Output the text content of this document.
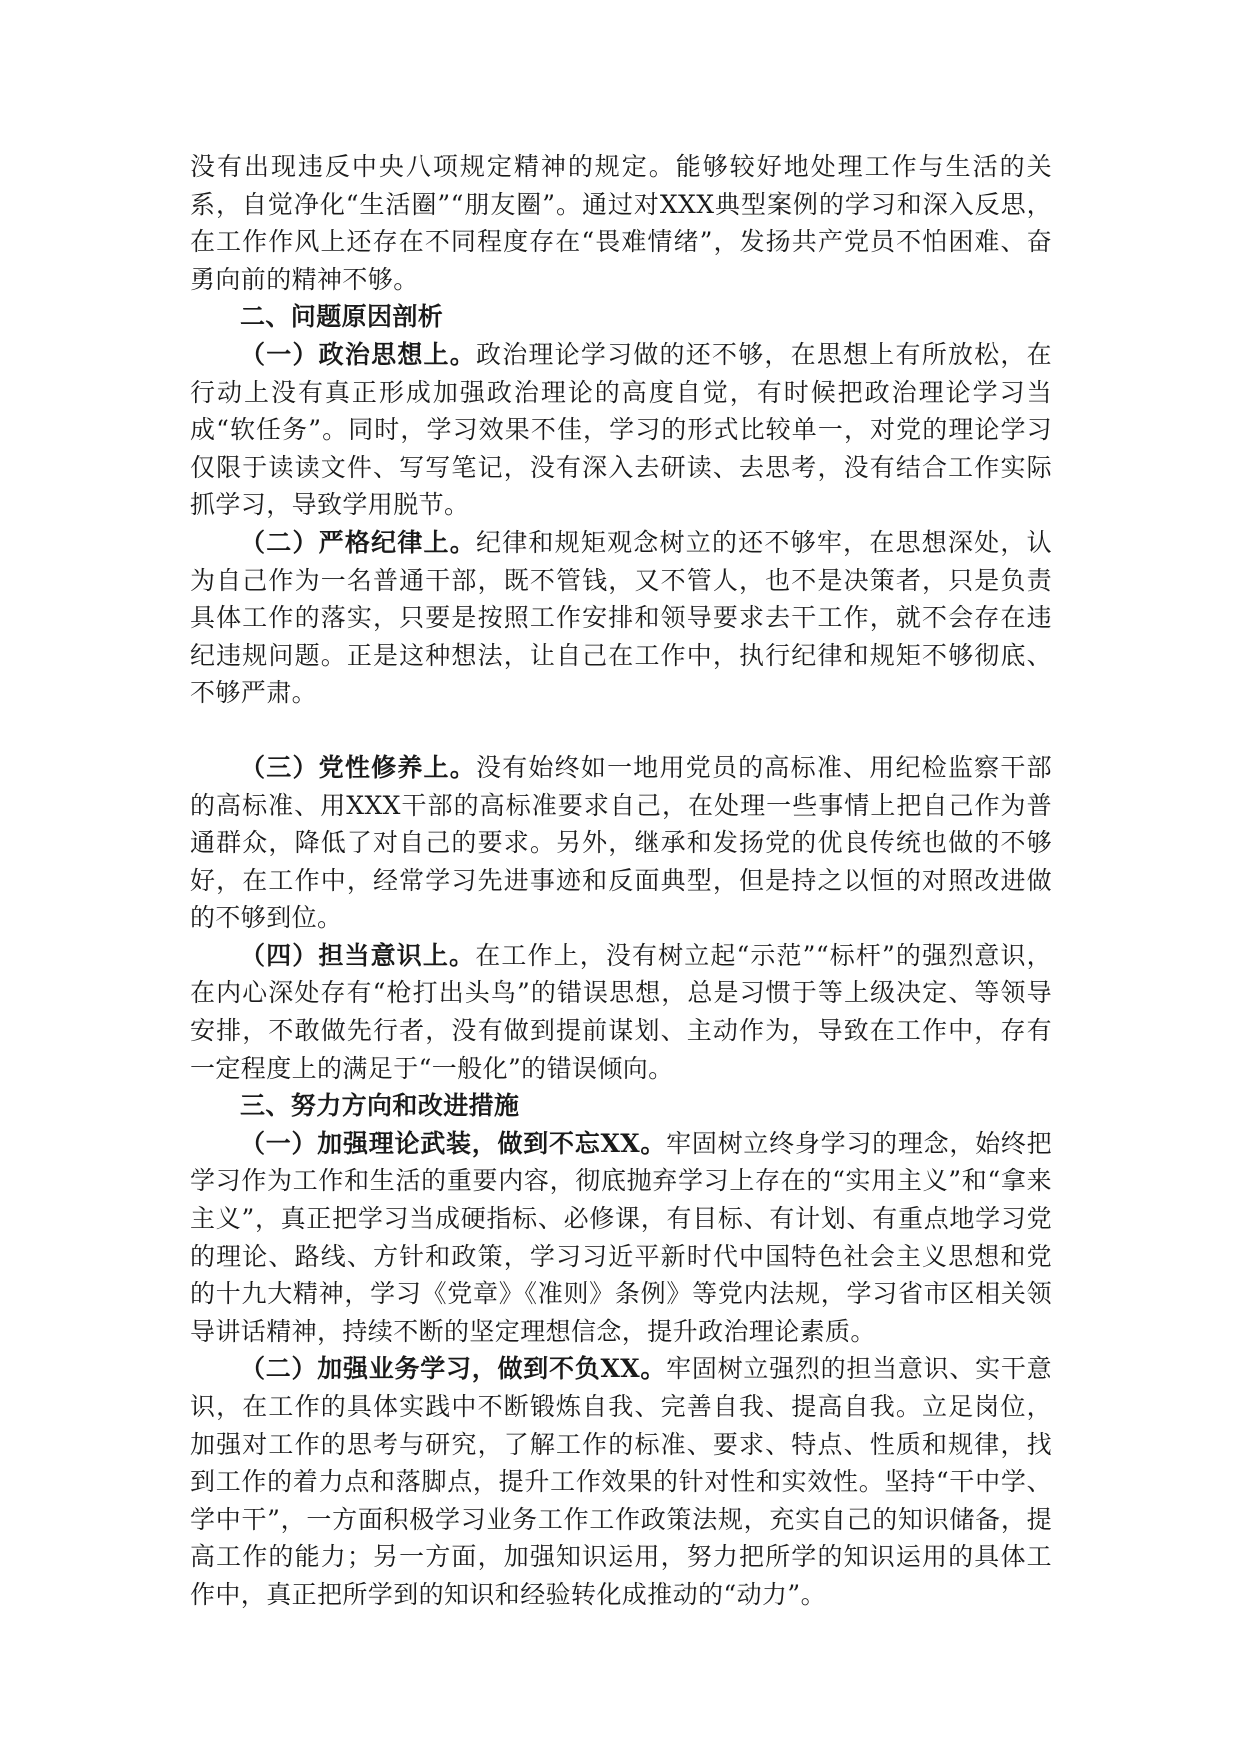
没有出现违反中央八项规定精神的规定。能够较好地处理工作与生活的关系，自觉净化“生活圈”“朋友圈”。通过对XXX典型案例的学习和深入反思，在工作作风上还存在不同程度存在“畏难情绪”，发扬共产党员不怕困难、奋勇向前的精神不够。

二、问题原因剖析

（一）政治思想上。政治理论学习做的还不够，在思想上有所放松，在行动上没有真正形成加强政治理论的高度自觉，有时候把政治理论学习当成“软任务”。同时，学习效果不佳，学习的形式比较单一，对党的理论学习仅限于读读文件、写写笔记，没有深入去研读、去思考，没有结合工作实际抓学习，导致学用脱节。

（二）严格纪律上。纪律和规矩观念树立的还不够牢，在思想深处，认为自己作为一名普通干部，既不管钱，又不管人，也不是决策者，只是负责具体工作的落实，只要是按照工作安排和领导要求去干工作，就不会存在违纪违规问题。正是这种想法，让自己在工作中，执行纪律和规矩不够彻底、不够严肃。

（三）党性修养上。没有始终如一地用党员的高标准、用纪检监察干部的高标准、用XXX干部的高标准要求自己，在处理一些事情上把自己作为普通群众，降低了对自己的要求。另外，继承和发扬党的优良传统也做的不够好，在工作中，经常学习先进事迹和反面典型，但是持之以恒的对照改进做的不够到位。

（四）担当意识上。在工作上，没有树立起“示范”“标杆”的强烈意识，在内心深处存有“枪打出头鸟”的错误思想，总是习惯于等上级决定、等领导安排，不敢做先行者，没有做到提前谋划、主动作为，导致在工作中，存有一定程度上的满足于“一般化”的错误倾向。

三、努力方向和改进措施

（一）加强理论武装，做到不忘XX。牢固树立终身学习的理念，始终把学习作为工作和生活的重要内容，彻底抛弃学习上存在的“实用主义”和“拿来主义”，真正把学习当成硬指标、必修课，有目标、有计划、有重点地学习党的理论、路线、方针和政策，学习习近平新时代中国特色社会主义思想和党的十九大精神，学习《党章》《准则》条例》等党内法规，学习省市区相关领导讲话精神，持续不断的坚定理想信念，提升政治理论素质。

（二）加强业务学习，做到不负XX。牢固树立强烈的担当意识、实干意识，在工作的具体实践中不断锻炼自我、完善自我、提高自我。立足岗位，加强对工作的思考与研究，了解工作的标准、要求、特点、性质和规律，找到工作的着力点和落脚点，提升工作效果的针对性和实效性。坚持“干中学、学中干”，一方面积极学习业务工作工作政策法规，充实自己的知识储备，提高工作的能力；另一方面，加强知识运用，努力把所学的知识运用的具体工作中，真正把所学到的知识和经验转化成推动的“动力”。
